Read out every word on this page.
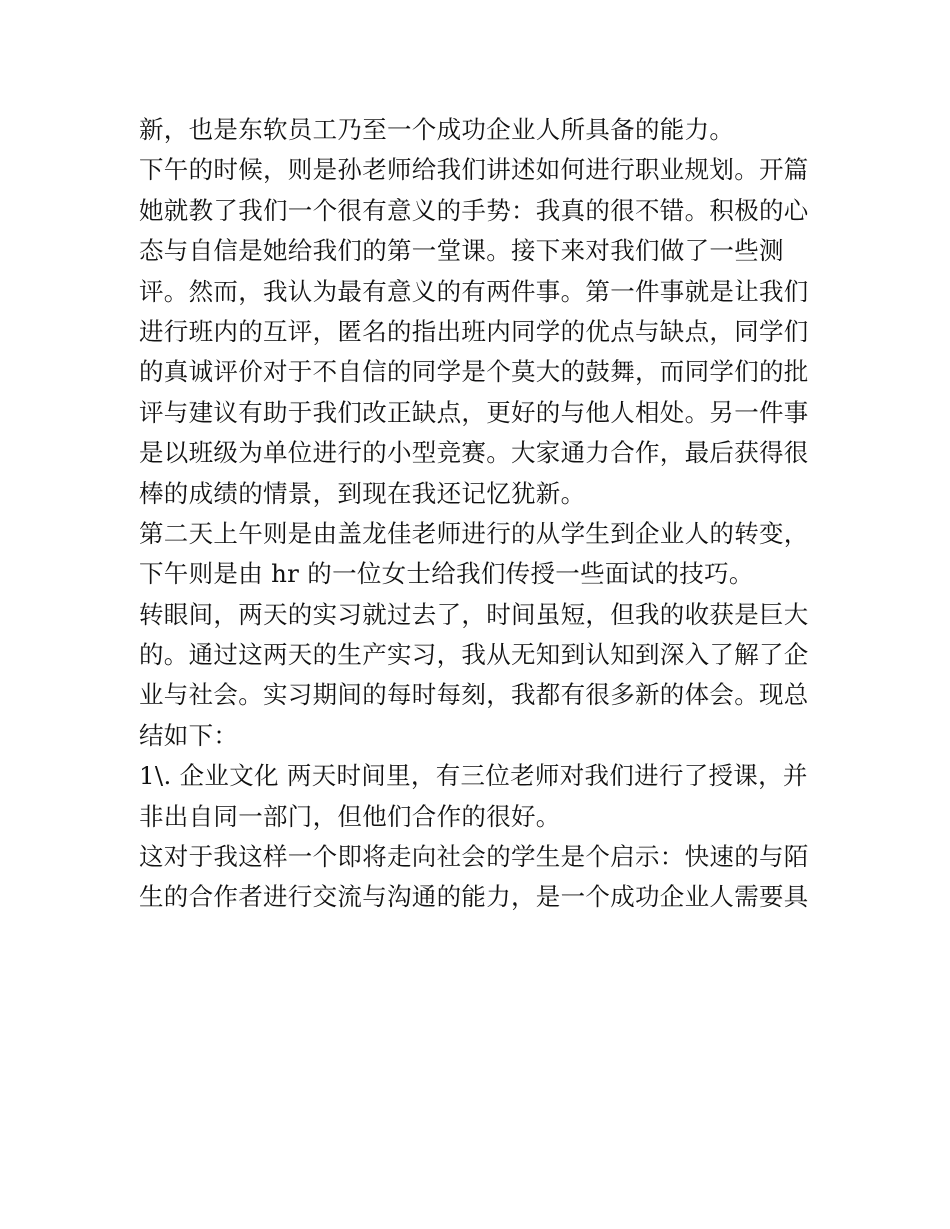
新，也是东软员工乃至一个成功企业人所具备的能力。
下午的时候，则是孙老师给我们讲述如何进行职业规划。开篇
她就教了我们一个很有意义的手势：我真的很不错。积极的心
态与自信是她给我们的第一堂课。接下来对我们做了一些测
评。然而，我认为最有意义的有两件事。第一件事就是让我们
进行班内的互评，匿名的指出班内同学的优点与缺点，同学们
的真诚评价对于不自信的同学是个莫大的鼓舞，而同学们的批
评与建议有助于我们改正缺点，更好的与他人相处。另一件事
是以班级为单位进行的小型竞赛。大家通力合作，最后获得很
棒的成绩的情景，到现在我还记忆犹新。
第二天上午则是由盖龙佳老师进行的从学生到企业人的转变，
下午则是由 hr 的一位女士给我们传授一些面试的技巧。
转眼间，两天的实习就过去了，时间虽短，但我的收获是巨大
的。通过这两天的生产实习，我从无知到认知到深入了解了企
业与社会。实习期间的每时每刻，我都有很多新的体会。现总
结如下：
1\. 企业文化 两天时间里，有三位老师对我们进行了授课，并
非出自同一部门，但他们合作的很好。
这对于我这样一个即将走向社会的学生是个启示：快速的与陌
生的合作者进行交流与沟通的能力，是一个成功企业人需要具
